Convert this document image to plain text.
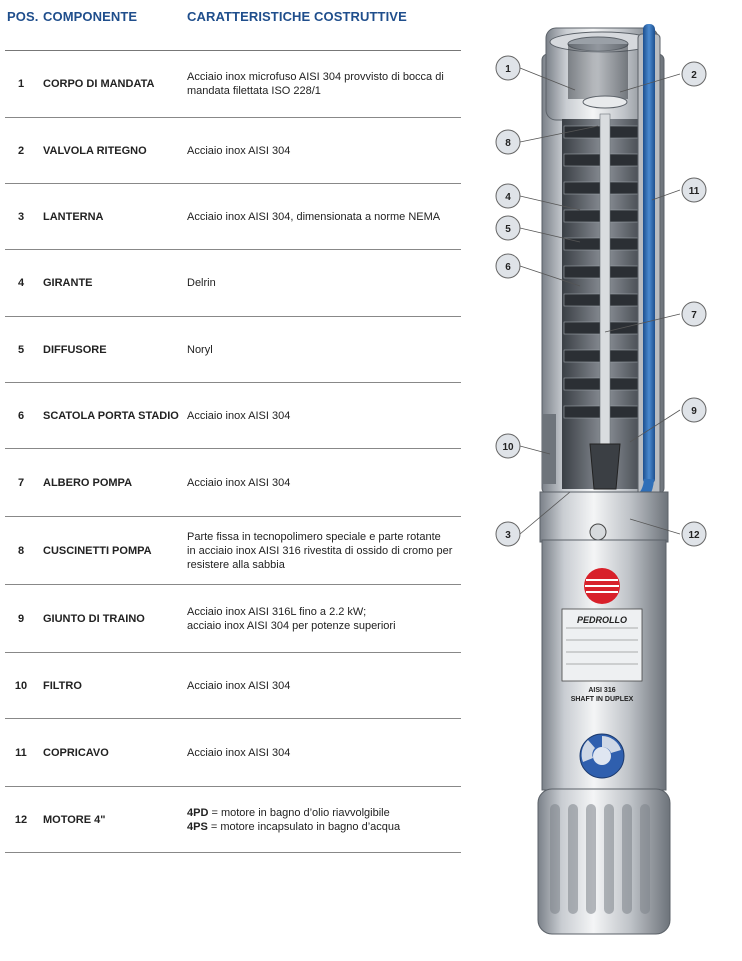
POS. COMPONENTE	CARATTERISTICHE COSTRUTTIVE
1	CORPO DI MANDATA
Acciaio inox microfuso AISI 304 provvisto di bocca di
mandata filettata ISO 228/1
2	VALVOLA RITEGNO	Acciaio inox AISI 304
3	LANTERNA	Acciaio inox AISI 304, dimensionata a norme NEMA
4	GIRANTE	Delrin
5	DIFFUSORE	Noryl
6	SCATOLA PORTA STADIO Acciaio inox AISI 304
7	ALBERO POMPA	Acciaio inox AISI 304
8	CUSCINETTI POMPA
Parte fissa in tecnopolimero speciale e parte rotante
in acciaio inox AISI 316 rivestita di ossido di cromo per
resistere alla sabbia
9	GIUNTO DI TRAINO
Acciaio inox AISI 316L fino a 2.2 kW;
acciaio inox AISI 304 per potenze superiori
10	FILTRO	Acciaio inox AISI 304
11	COPRICAVO	Acciaio inox AISI 304
12	MOTORE 4"
4PD = motore in bagno d’olio riavvolgibile
4PS = motore incapsulato in bagno d’acqua
PEDROLLO
AISI 316
SHAFT IN DUPLEX
1
2
8
11
4
5
6
7
9
10
3	12
